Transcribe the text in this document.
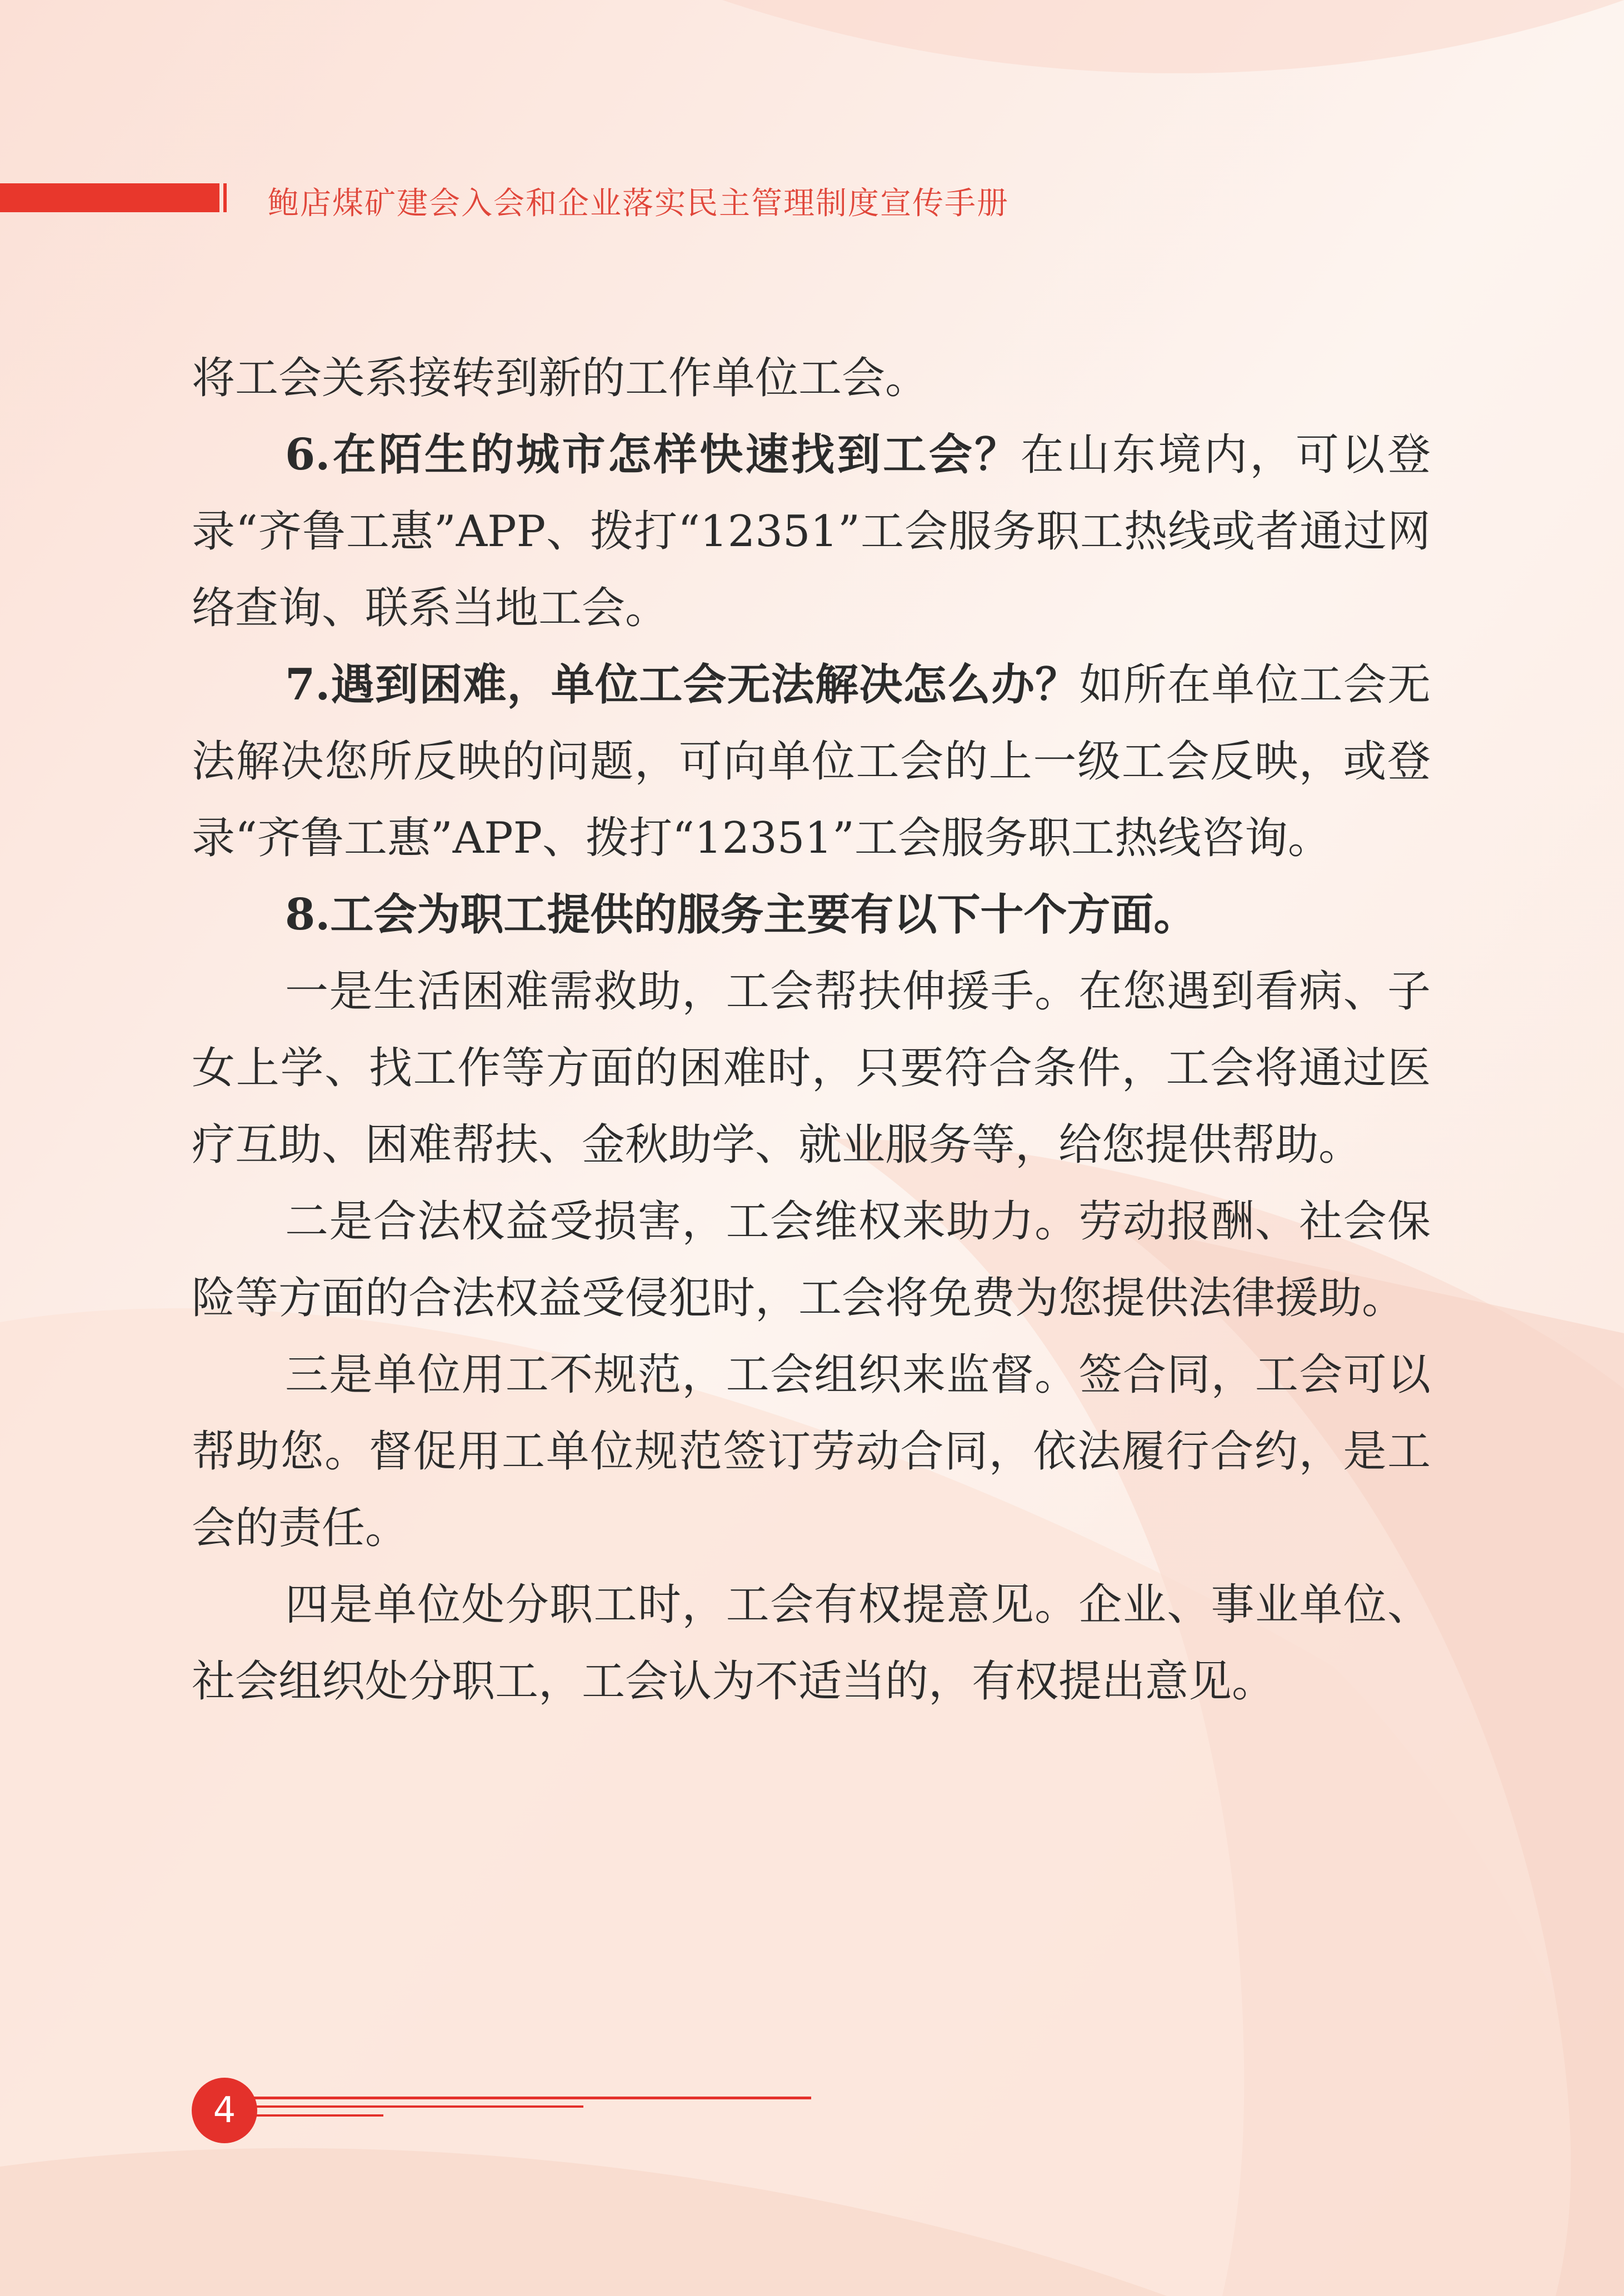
鲍店煤矿建会入会和企业落实民主管理制度宣传手册

将工会关系接转到新的工作单位工会。

6.在陌生的城市怎样快速找到工会？在山东境内，可以登录“齐鲁工惠”APP、拨打“12351”工会服务职工热线或者通过网络查询、联系当地工会。

7.遇到困难，单位工会无法解决怎么办？如所在单位工会无法解决您所反映的问题，可向单位工会的上一级工会反映，或登录“齐鲁工惠”APP、拨打“12351”工会服务职工热线咨询。

8.工会为职工提供的服务主要有以下十个方面。

一是生活困难需救助，工会帮扶伸援手。在您遇到看病、子女上学、找工作等方面的困难时，只要符合条件，工会将通过医疗互助、困难帮扶、金秋助学、就业服务等，给您提供帮助。

二是合法权益受损害，工会维权来助力。劳动报酬、社会保险等方面的合法权益受侵犯时，工会将免费为您提供法律援助。

三是单位用工不规范，工会组织来监督。签合同，工会可以帮助您。督促用工单位规范签订劳动合同，依法履行合约，是工会的责任。

四是单位处分职工时，工会有权提意见。企业、事业单位、社会组织处分职工，工会认为不适当的，有权提出意见。

4
